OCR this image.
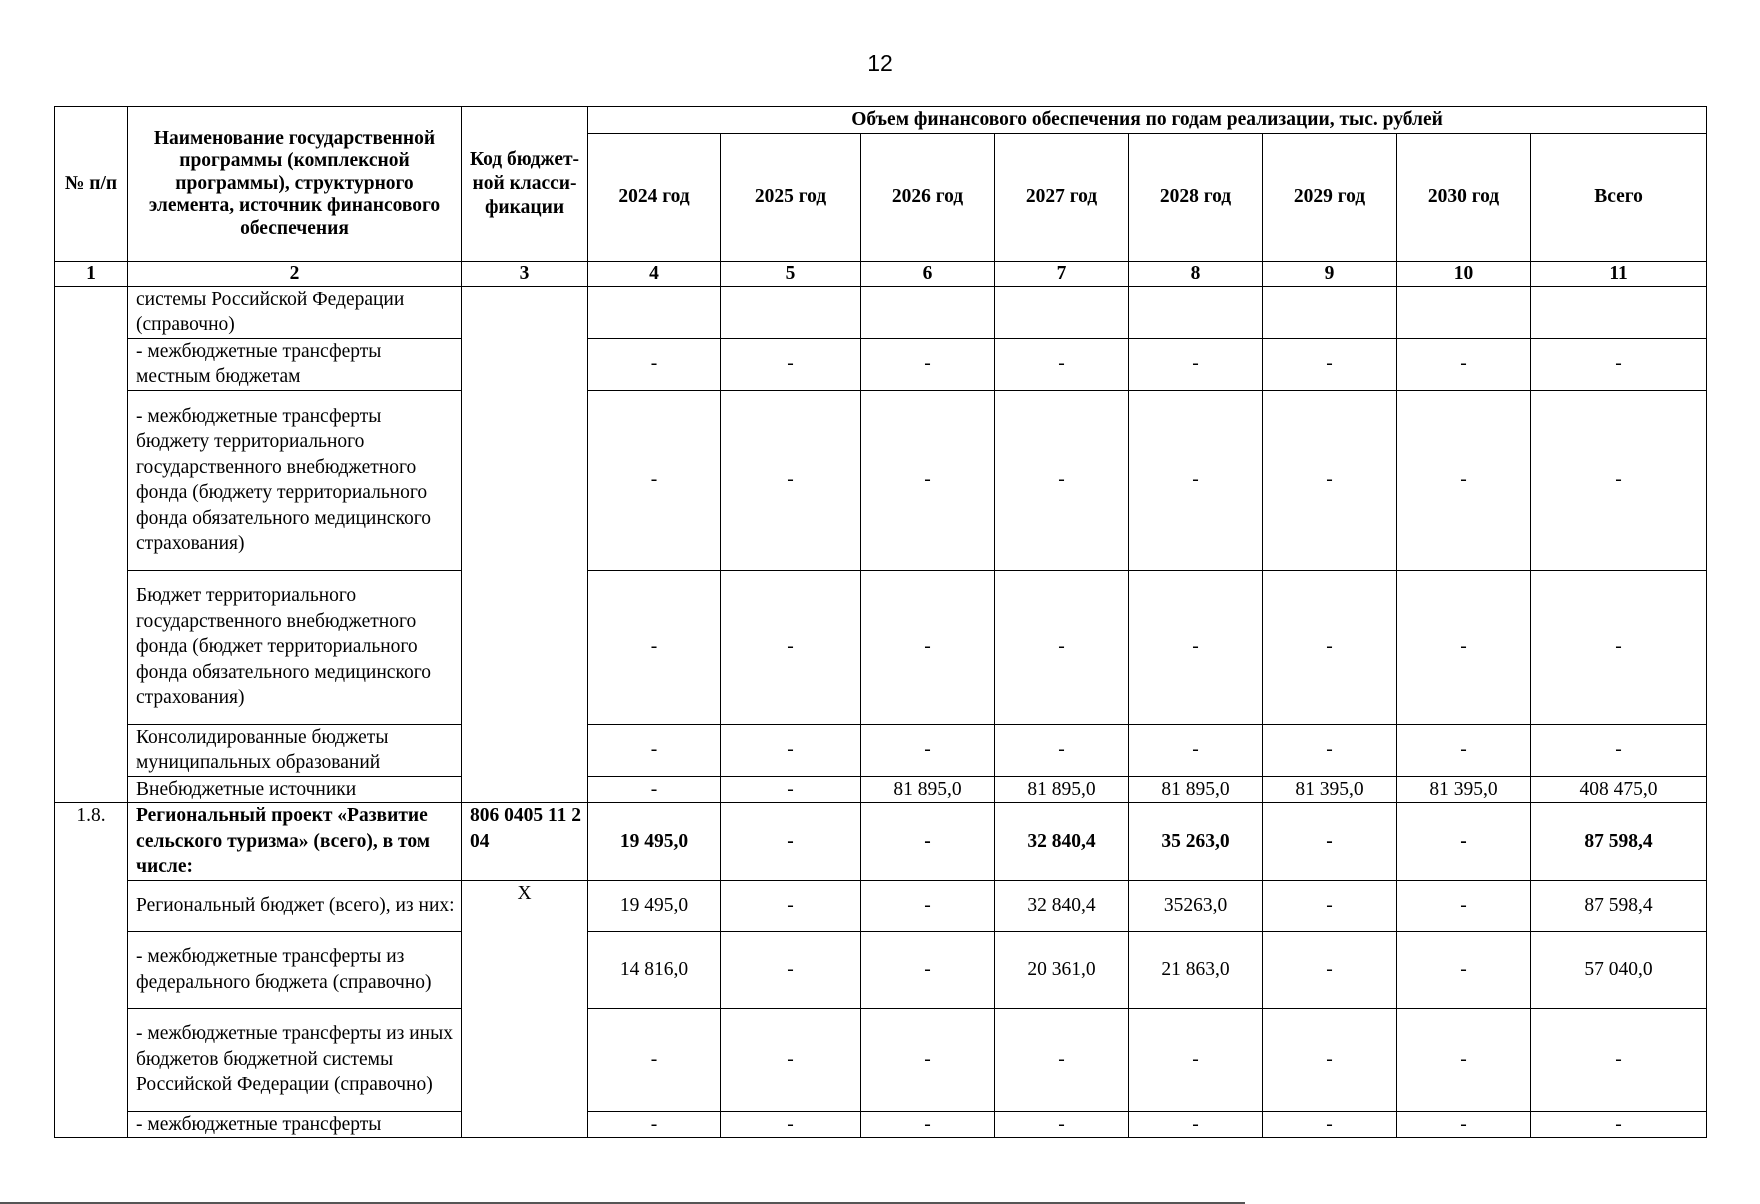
12
№ п/п	Наименование государственной программы (комплексной программы), структурного элемента, источник финансового обеспечения	Код бюджет-ной класси-фикации	Объем финансового обеспечения по годам реализации, тыс. рублей							
			2024 год	2025 год	2026 год	2027 год	2028 год	2029 год	2030 год	Всего
1	2	3	4	5	6	7	8	9	10	11
	системы Российской Федерации (справочно)									
	- межбюджетные трансферты местным бюджетам		-	-	-	-	-	-	-	-
	- межбюджетные трансферты бюджету территориального государственного внебюджетного фонда (бюджету территориального фонда обязательного медицинского страхования)		-	-	-	-	-	-	-	-
	Бюджет территориального государственного внебюджетного фонда (бюджет территориального фонда обязательного медицинского страхования)		-	-	-	-	-	-	-	-
	Консолидированные бюджеты муниципальных образований		-	-	-	-	-	-	-	-
	Внебюджетные источники		-	-	81 895,0	81 895,0	81 895,0	81 395,0	81 395,0	408 475,0
1.8.	Региональный проект «Развитие сельского туризма» (всего), в том числе:	806 0405 11 2 04	19 495,0	-	-	32 840,4	35 263,0	-	-	87 598,4
	Региональный бюджет (всего), из них:	X	19 495,0	-	-	32 840,4	35263,0	-	-	87 598,4
	- межбюджетные трансферты из федерального бюджета (справочно)		14 816,0	-	-	20 361,0	21 863,0	-	-	57 040,0
	- межбюджетные трансферты из иных бюджетов бюджетной системы Российской Федерации (справочно)		-	-	-	-	-	-	-	-
	- межбюджетные трансферты		-	-	-	-	-	-	-	-
